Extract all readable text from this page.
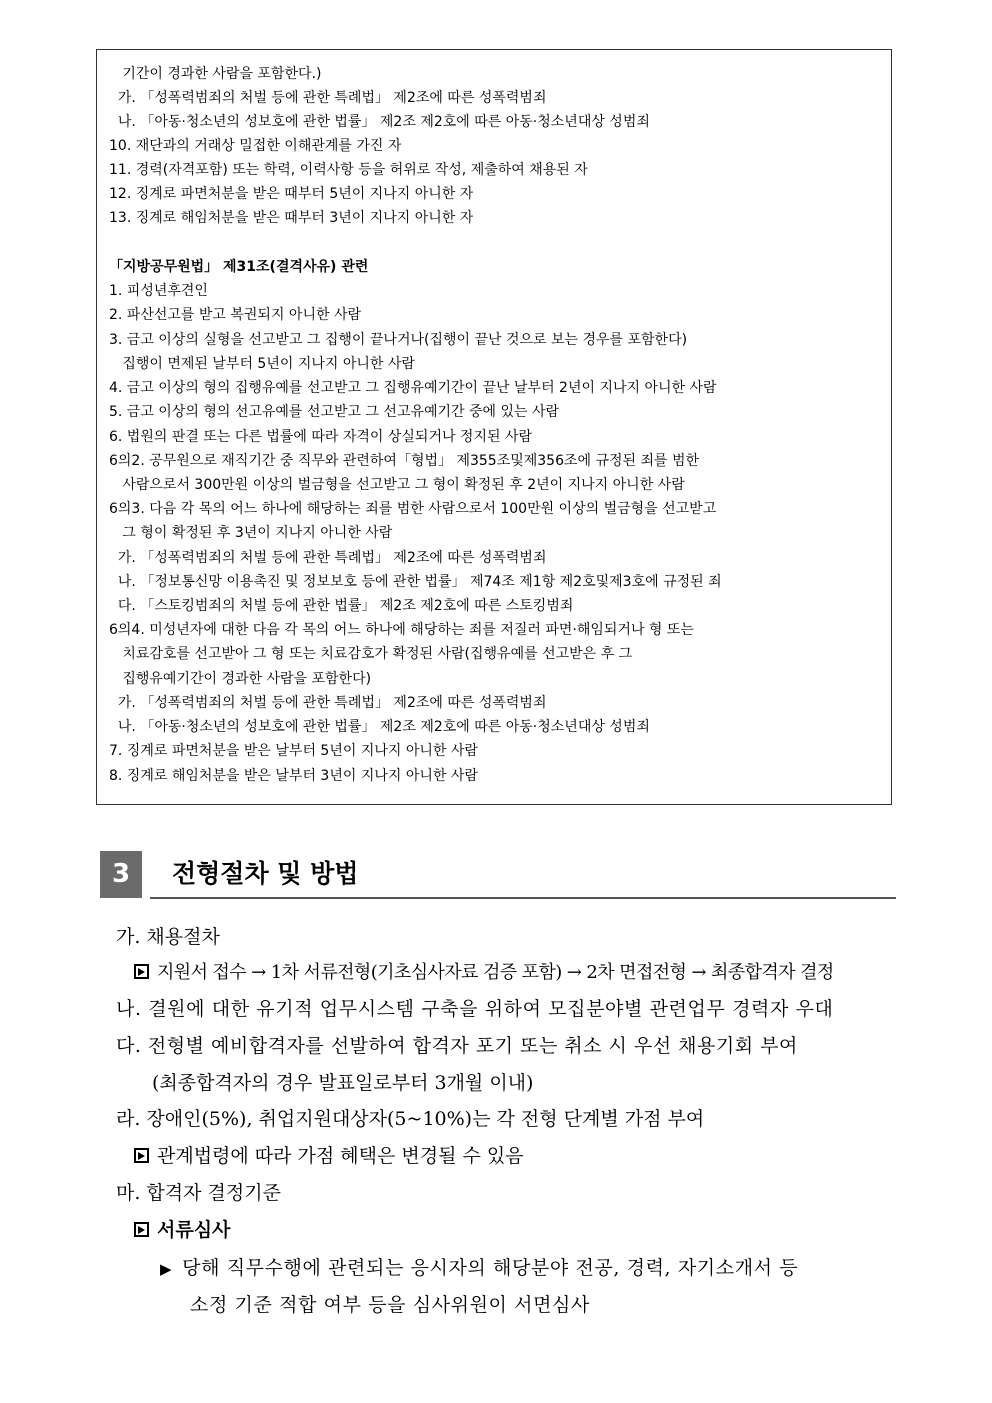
기간이 경과한 사람을 포함한다.)
가. 「성폭력범죄의 처벌 등에 관한 특례법」 제2조에 따른 성폭력범죄
나. 「아동·청소년의 성보호에 관한 법률」 제2조 제2호에 따른 아동·청소년대상 성범죄
10. 재단과의 거래상 밀접한 이해관계를 가진 자
11. 경력(자격포함) 또는 학력, 이력사항 등을 허위로 작성, 제출하여 채용된 자
12. 징계로 파면처분을 받은 때부터 5년이 지나지 아니한 자
13. 징계로 해임처분을 받은 때부터 3년이 지나지 아니한 자
「지방공무원법」 제31조(결격사유) 관련
1. 피성년후견인
2. 파산선고를 받고 복권되지 아니한 사람
3. 금고 이상의 실형을 선고받고 그 집행이 끝나거나(집행이 끝난 것으로 보는 경우를 포함한다)
집행이 면제된 날부터 5년이 지나지 아니한 사람
4. 금고 이상의 형의 집행유예를 선고받고 그 집행유예기간이 끝난 날부터 2년이 지나지 아니한 사람
5. 금고 이상의 형의 선고유예를 선고받고 그 선고유예기간 중에 있는 사람
6. 법원의 판결 또는 다른 법률에 따라 자격이 상실되거나 정지된 사람
6의2. 공무원으로 재직기간 중 직무와 관련하여「형법」 제355조및제356조에 규정된 죄를 범한
사람으로서 300만원 이상의 벌금형을 선고받고 그 형이 확정된 후 2년이 지나지 아니한 사람
6의3. 다음 각 목의 어느 하나에 해당하는 죄를 범한 사람으로서 100만원 이상의 벌금형을 선고받고
그 형이 확정된 후 3년이 지나지 아니한 사람
가. 「성폭력범죄의 처벌 등에 관한 특례법」 제2조에 따른 성폭력범죄
나. 「정보통신망 이용촉진 및 정보보호 등에 관한 법률」 제74조 제1항 제2호및제3호에 규정된 죄
다. 「스토킹범죄의 처벌 등에 관한 법률」 제2조 제2호에 따른 스토킹범죄
6의4. 미성년자에 대한 다음 각 목의 어느 하나에 해당하는 죄를 저질러 파면·해임되거나 형 또는
치료감호를 선고받아 그 형 또는 치료감호가 확정된 사람(집행유예를 선고받은 후 그
집행유예기간이 경과한 사람을 포함한다)
가. 「성폭력범죄의 처벌 등에 관한 특례법」 제2조에 따른 성폭력범죄
나. 「아동·청소년의 성보호에 관한 법률」 제2조 제2호에 따른 아동·청소년대상 성범죄
7. 징계로 파면처분을 받은 날부터 5년이 지나지 아니한 사람
8. 징계로 해임처분을 받은 날부터 3년이 지나지 아니한 사람
3	전형절차 및 방법
가. 채용절차
지원서 접수 → 1차 서류전형(기초심사자료 검증 포함) → 2차 면접전형 → 최종합격자 결정
나. 결원에 대한 유기적 업무시스템 구축을 위하여 모집분야별 관련업무 경력자 우대
다. 전형별 예비합격자를 선발하여 합격자 포기 또는 취소 시 우선 채용기회 부여
(최종합격자의 경우 발표일로부터 3개월 이내)
라. 장애인(5%), 취업지원대상자(5~10%)는 각 전형 단계별 가점 부여
관계법령에 따라 가점 혜택은 변경될 수 있음
마. 합격자 결정기준
서류심사
▶ 당해 직무수행에 관련되는 응시자의 해당분야 전공, 경력, 자기소개서 등
소정 기준 적합 여부 등을 심사위원이 서면심사
